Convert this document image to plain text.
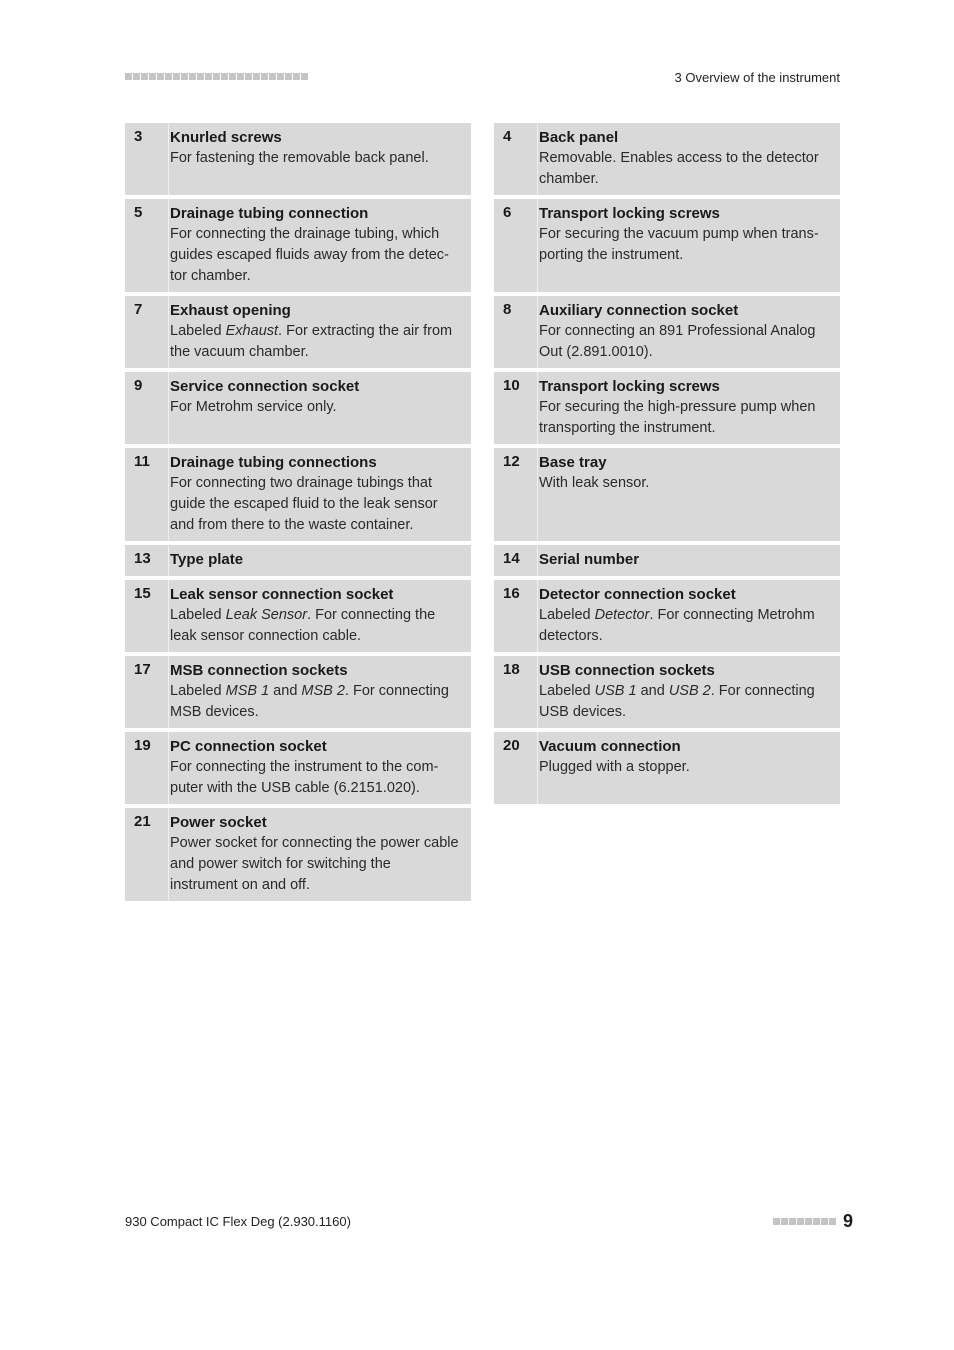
3 Overview of the instrument
3	Knurled screws
For fastening the removable back panel.
5	Drainage tubing connection
For connecting the drainage tubing, which guides escaped fluids away from the detec-tor chamber.
7	Exhaust opening
Labeled Exhaust. For extracting the air from the vacuum chamber.
9	Service connection socket
For Metrohm service only.
11	Drainage tubing connections
For connecting two drainage tubings that guide the escaped fluid to the leak sensor and from there to the waste container.
13	Type plate
15	Leak sensor connection socket
Labeled Leak Sensor. For connecting the leak sensor connection cable.
17	MSB connection sockets
Labeled MSB 1 and MSB 2. For connecting MSB devices.
19	PC connection socket
For connecting the instrument to the com-puter with the USB cable (6.2151.020).
21	Power socket
Power socket for connecting the power cable and power switch for switching the instrument on and off.
4	Back panel
Removable. Enables access to the detector chamber.
6	Transport locking screws
For securing the vacuum pump when trans-porting the instrument.
8	Auxiliary connection socket
For connecting an 891 Professional Analog Out (2.891.0010).
10	Transport locking screws
For securing the high-pressure pump when transporting the instrument.
12	Base tray
With leak sensor.
14	Serial number
16	Detector connection socket
Labeled Detector. For connecting Metrohm detectors.
18	USB connection sockets
Labeled USB 1 and USB 2. For connecting USB devices.
20	Vacuum connection
Plugged with a stopper.
930 Compact IC Flex Deg (2.930.1160)	9
